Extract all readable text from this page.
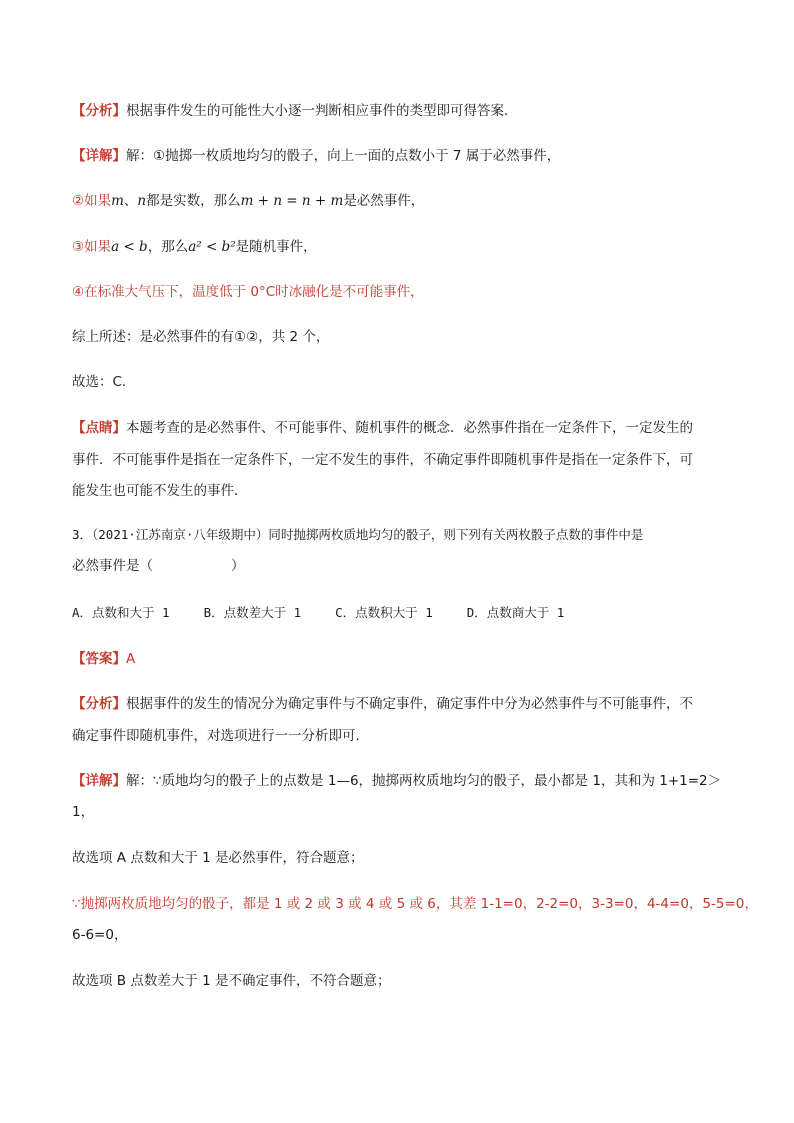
【分析】根据事件发生的可能性大小逐一判断相应事件的类型即可得答案．
【详解】解：①抛掷一枚质地均匀的骰子，向上一面的点数小于 7 属于必然事件，
②如果m、n都是实数，那么m + n = n + m是必然事件，
③如果a < b，那么a² < b²是随机事件，
④在标准大气压下，温度低于 0°C时冰融化是不可能事件，
综上所述：是必然事件的有①②，共 2 个，
故选：C．
【点睛】本题考查的是必然事件、不可能事件、随机事件的概念．必然事件指在一定条件下，一定发生的
事件．不可能事件是指在一定条件下，一定不发生的事件，不确定事件即随机事件是指在一定条件下，可
能发生也可能不发生的事件．
3．（2021·江苏南京·八年级期中）同时抛掷两枚质地均匀的骰子，则下列有关两枚骰子点数的事件中是
必然事件是（	）
A．点数和大于 1	B．点数差大于 1	C．点数积大于 1	D．点数商大于 1
【答案】A
【分析】根据事件的发生的情况分为确定事件与不确定事件，确定事件中分为必然事件与不可能事件，不
确定事件即随机事件，对选项进行一一分析即可．
【详解】解：∵质地均匀的骰子上的点数是 1—6，抛掷两枚质地均匀的骰子，最小都是 1，其和为 1+1=2＞
1，
故选项 A 点数和大于 1 是必然事件，符合题意；
∵抛掷两枚质地均匀的骰子，都是 1 或 2 或 3 或 4 或 5 或 6，其差 1-1=0，2-2=0，3-3=0，4-4=0，5-5=0，
6-6=0，
故选项 B 点数差大于 1 是不确定事件，不符合题意；
